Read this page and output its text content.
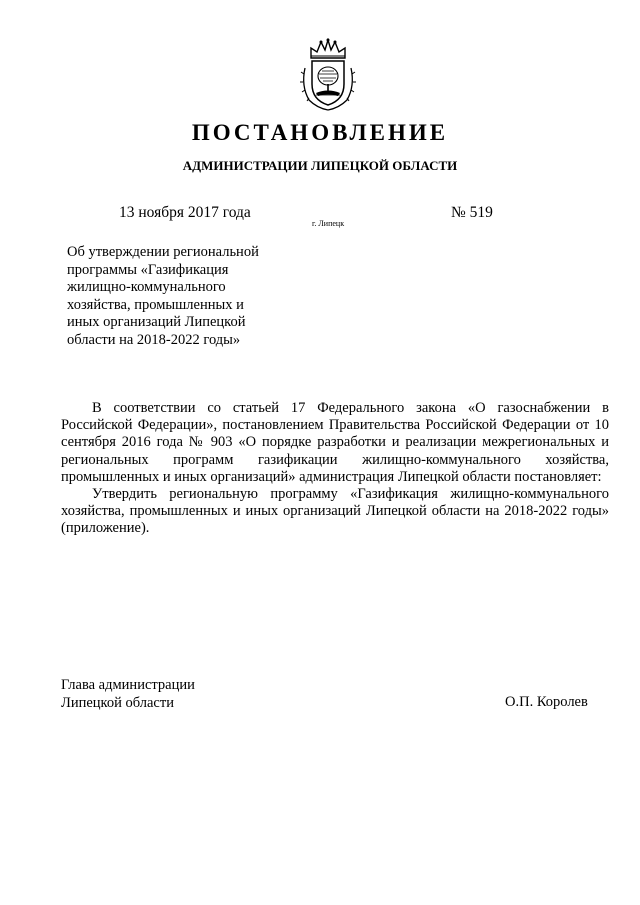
ПОСТАНОВЛЕНИЕ
АДМИНИСТРАЦИИ ЛИПЕЦКОЙ ОБЛАСТИ
13 ноября 2017 года
г. Липецк
№ 519
Об утверждении региональной
программы «Газификация
жилищно-коммунального
хозяйства, промышленных и
иных организаций Липецкой
области на 2018-2022 годы»

В соответствии со статьей 17 Федерального закона «О газоснабжении в Российской Федерации», постановлением Правительства Российской Федерации от 10 сентября 2016 года № 903 «О порядке разработки и реализации межрегиональных и региональных программ газификации жилищно-коммунального хозяйства, промышленных и иных организаций» администрация Липецкой области постановляет:

Утвердить региональную программу «Газификация жилищно-коммунального хозяйства, промышленных и иных организаций Липецкой области на 2018-2022 годы» (приложение).

Глава администрации
Липецкой области	О.П. Королев
